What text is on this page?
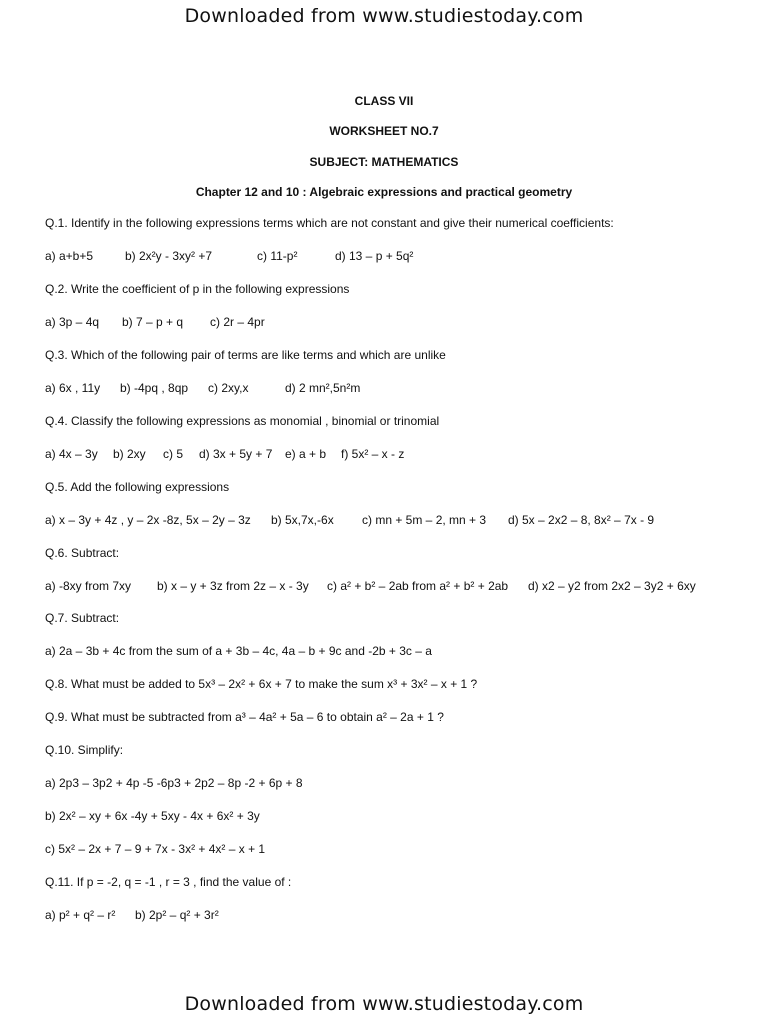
Downloaded from www.studiestoday.com
CLASS VII
WORKSHEET NO.7
SUBJECT: MATHEMATICS
Chapter 12 and 10 : Algebraic expressions and practical geometry
Q.1. Identify in the following expressions terms which are not constant and give their numerical coefficients:
a) a+b+5	b) 2x²y - 3xy² +7	c) 11-p²	d) 13 – p + 5q²
Q.2. Write the coefficient of p in the following expressions
a) 3p – 4q b) 7 – p + q c) 2r – 4pr
Q.3. Which of the following pair of terms are like terms and which are unlike
a) 6x , 11y b) -4pq , 8qp c) 2xy,x	d) 2 mn²,5n²m
Q.4. Classify the following expressions as monomial , binomial or trinomial
a) 4x – 3y b) 2xy c) 5 d) 3x + 5y + 7 e) a + b f) 5x² – x - z
Q.5. Add the following expressions
a) x – 3y + 4z , y – 2x -8z, 5x – 2y – 3z b) 5x,7x,-6x c) mn + 5m – 2, mn + 3 d) 5x – 2x2 – 8, 8x² – 7x - 9
Q.6. Subtract:
a) -8xy from 7xy b) x – y + 3z from 2z – x - 3y c) a² + b² – 2ab from a² + b² + 2ab d) x2 – y2 from 2x2 – 3y2 + 6xy
Q.7. Subtract:
a) 2a – 3b + 4c from the sum of a + 3b – 4c, 4a – b + 9c and -2b + 3c – a
Q.8. What must be added to 5x³ – 2x² + 6x + 7 to make the sum x³ + 3x² – x + 1 ?
Q.9. What must be subtracted from a³ – 4a² + 5a – 6 to obtain a² – 2a + 1 ?
Q.10. Simplify:
a) 2p3 – 3p2 + 4p -5 -6p3 + 2p2 – 8p -2 + 6p + 8
b) 2x² – xy + 6x -4y + 5xy - 4x + 6x² + 3y
c) 5x² – 2x + 7 – 9 + 7x - 3x² + 4x² – x + 1
Q.11. If p = -2, q = -1 , r = 3 , find the value of :
a) p² + q² – r² b) 2p² – q² + 3r²
Downloaded from www.studiestoday.com
